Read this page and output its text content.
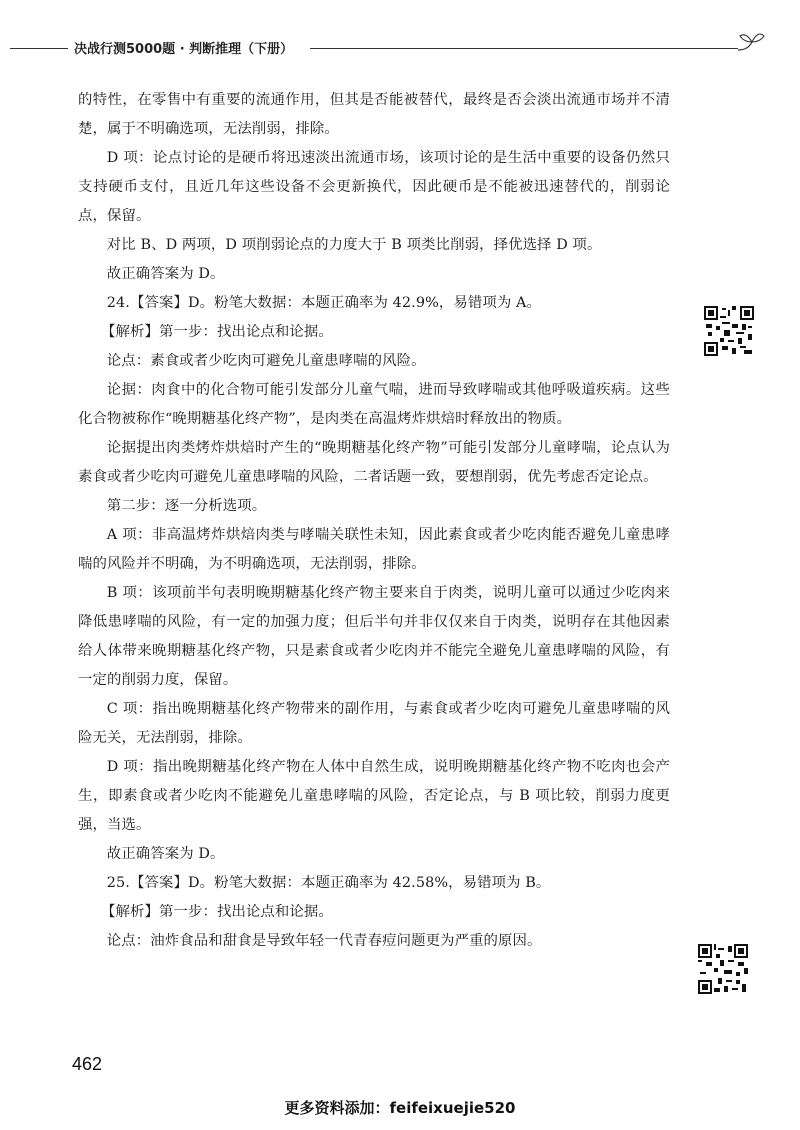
决战行测5000题 · 判断推理（下册）

的特性，在零售中有重要的流通作用，但其是否能被替代，最终是否会淡出流通市场并不清楚，属于不明确选项，无法削弱，排除。

D 项：论点讨论的是硬币将迅速淡出流通市场，该项讨论的是生活中重要的设备仍然只支持硬币支付，且近几年这些设备不会更新换代，因此硬币是不能被迅速替代的，削弱论点，保留。

对比 B、D 两项，D 项削弱论点的力度大于 B 项类比削弱，择优选择 D 项。

故正确答案为 D。

24.【答案】D。粉笔大数据：本题正确率为 42.9%，易错项为 A。

【解析】第一步：找出论点和论据。

论点：素食或者少吃肉可避免儿童患哮喘的风险。

论据：肉食中的化合物可能引发部分儿童气喘，进而导致哮喘或其他呼吸道疾病。这些化合物被称作“晚期糖基化终产物”，是肉类在高温烤炸烘焙时释放出的物质。

论据提出肉类烤炸烘焙时产生的“晚期糖基化终产物”可能引发部分儿童哮喘，论点认为素食或者少吃肉可避免儿童患哮喘的风险，二者话题一致，要想削弱，优先考虑否定论点。

第二步：逐一分析选项。

A 项：非高温烤炸烘焙肉类与哮喘关联性未知，因此素食或者少吃肉能否避免儿童患哮喘的风险并不明确，为不明确选项，无法削弱，排除。

B 项：该项前半句表明晚期糖基化终产物主要来自于肉类，说明儿童可以通过少吃肉来降低患哮喘的风险，有一定的加强力度；但后半句并非仅仅来自于肉类，说明存在其他因素给人体带来晚期糖基化终产物，只是素食或者少吃肉并不能完全避免儿童患哮喘的风险，有一定的削弱力度，保留。

C 项：指出晚期糖基化终产物带来的副作用，与素食或者少吃肉可避免儿童患哮喘的风险无关，无法削弱，排除。

D 项：指出晚期糖基化终产物在人体中自然生成，说明晚期糖基化终产物不吃肉也会产生，即素食或者少吃肉不能避免儿童患哮喘的风险，否定论点，与 B 项比较，削弱力度更强，当选。

故正确答案为 D。

25.【答案】D。粉笔大数据：本题正确率为 42.58%，易错项为 B。

【解析】第一步：找出论点和论据。

论点：油炸食品和甜食是导致年轻一代青春痘问题更为严重的原因。

462
更多资料添加：feifeixuejie520
